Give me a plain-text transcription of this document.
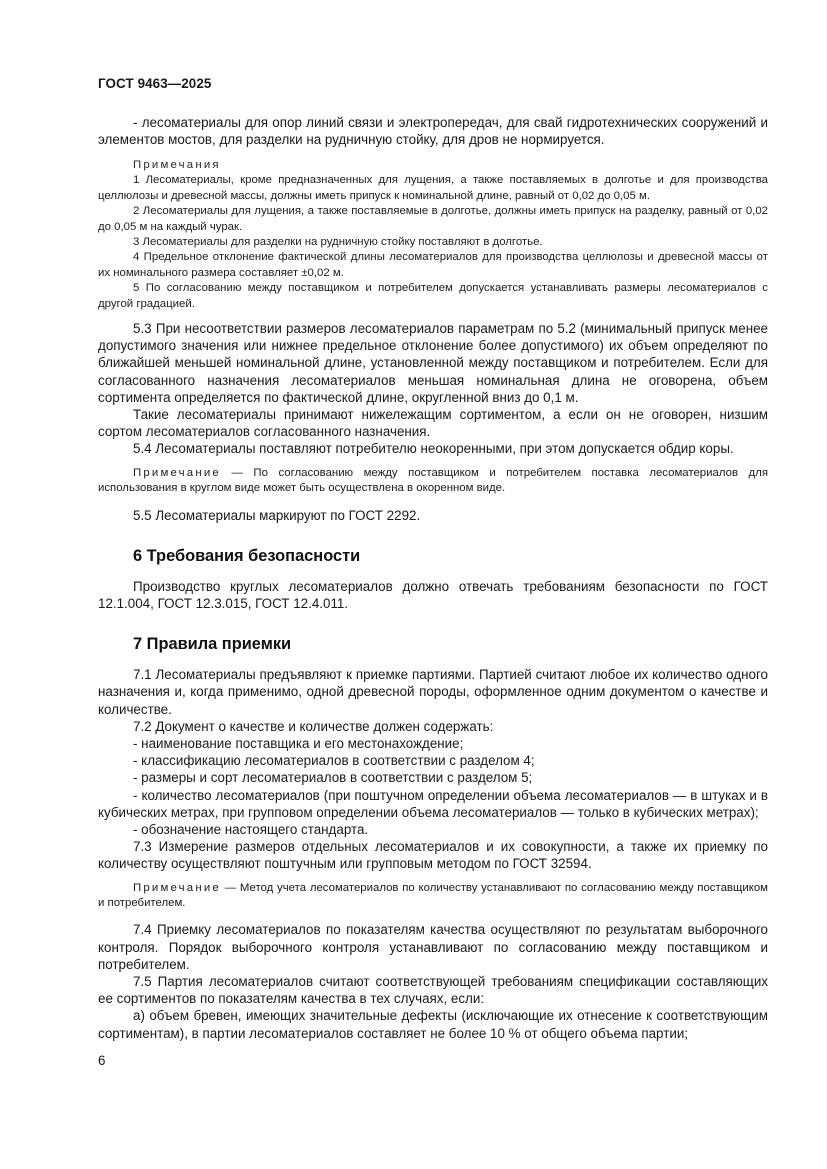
ГОСТ 9463—2025

- лесоматериалы для опор линий связи и электропередач, для свай гидротехнических сооружений и элементов мостов, для разделки на рудничную стойку, для дров не нормируется.

Примечания

1 Лесоматериалы, кроме предназначенных для лущения, а также поставляемых в долготье и для производства целлюлозы и древесной массы, должны иметь припуск к номинальной длине, равный от 0,02 до 0,05 м.

2 Лесоматериалы для лущения, а также поставляемые в долготье, должны иметь припуск на разделку, равный от 0,02 до 0,05 м на каждый чурак.

3 Лесоматериалы для разделки на рудничную стойку поставляют в долготье.

4 Предельное отклонение фактической длины лесоматериалов для производства целлюлозы и древесной массы от их номинального размера составляет ±0,02 м.

5 По согласованию между поставщиком и потребителем допускается устанавливать размеры лесоматериалов с другой градацией.

5.3 При несоответствии размеров лесоматериалов параметрам по 5.2 (минимальный припуск менее допустимого значения или нижнее предельное отклонение более допустимого) их объем определяют по ближайшей меньшей номинальной длине, установленной между поставщиком и потребителем. Если для согласованного назначения лесоматериалов меньшая номинальная длина не оговорена, объем сортимента определяется по фактической длине, округленной вниз до 0,1 м.

Такие лесоматериалы принимают нижележащим сортиментом, а если он не оговорен, низшим сортом лесоматериалов согласованного назначения.

5.4 Лесоматериалы поставляют потребителю неокоренными, при этом допускается обдир коры.

Примечание — По согласованию между поставщиком и потребителем поставка лесоматериалов для использования в круглом виде может быть осуществлена в окоренном виде.

5.5 Лесоматериалы маркируют по ГОСТ 2292.

6 Требования безопасности

Производство круглых лесоматериалов должно отвечать требованиям безопасности по ГОСТ 12.1.004, ГОСТ 12.3.015, ГОСТ 12.4.011.

7 Правила приемки

7.1 Лесоматериалы предъявляют к приемке партиями. Партией считают любое их количество одного назначения и, когда применимо, одной древесной породы, оформленное одним документом о качестве и количестве.

7.2 Документ о качестве и количестве должен содержать:

- наименование поставщика и его местонахождение;

- классификацию лесоматериалов в соответствии с разделом 4;

- размеры и сорт лесоматериалов в соответствии с разделом 5;

- количество лесоматериалов (при поштучном определении объема лесоматериалов — в штуках и в кубических метрах, при групповом определении объема лесоматериалов — только в кубических метрах);

- обозначение настоящего стандарта.

7.3 Измерение размеров отдельных лесоматериалов и их совокупности, а также их приемку по количеству осуществляют поштучным или групповым методом по ГОСТ 32594.

Примечание — Метод учета лесоматериалов по количеству устанавливают по согласованию между поставщиком и потребителем.

7.4 Приемку лесоматериалов по показателям качества осуществляют по результатам выборочного контроля. Порядок выборочного контроля устанавливают по согласованию между поставщиком и потребителем.

7.5 Партия лесоматериалов считают соответствующей требованиям спецификации составляющих ее сортиментов по показателям качества в тех случаях, если:

а) объем бревен, имеющих значительные дефекты (исключающие их отнесение к соответствующим сортиментам), в партии лесоматериалов составляет не более 10 % от общего объема партии;

6
